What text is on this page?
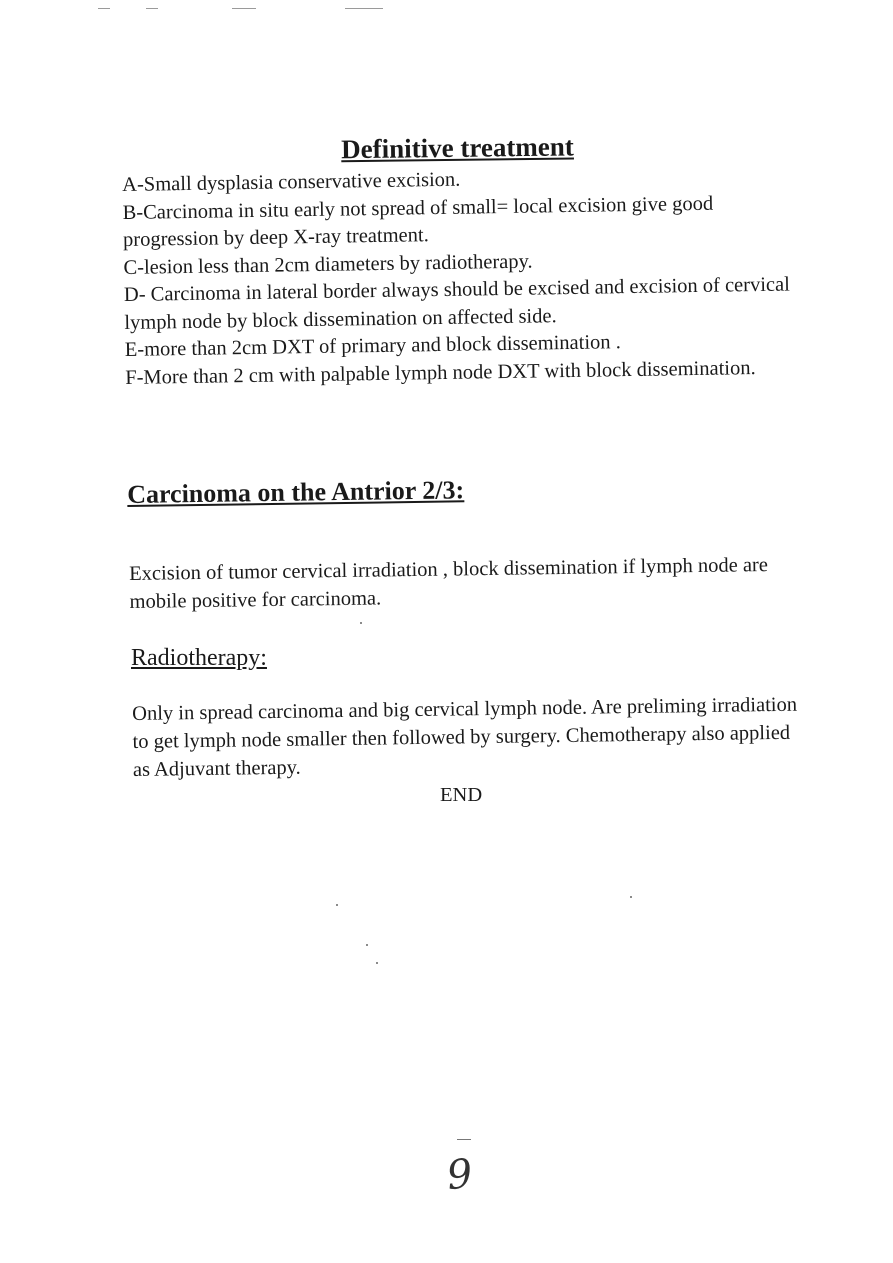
Definitive treatment

A-Small dysplasia conservative excision.

B-Carcinoma in situ early not spread of small= local excision give good progression by deep X-ray treatment.

C-lesion less than 2cm diameters by radiotherapy.

D- Carcinoma in lateral border always should be excised and excision of cervical lymph node by block dissemination on affected side.

E-more than 2cm DXT of primary and block dissemination .

F-More than 2 cm with palpable lymph node DXT with block dissemination.

Carcinoma on the Antrior 2/3:

Excision of tumor cervical irradiation , block dissemination if lymph node are mobile positive for carcinoma.

Radiotherapy:

Only in spread carcinoma and big cervical lymph node. Are preliming irradiation to get lymph node smaller then followed by surgery. Chemotherapy also applied as Adjuvant therapy.

END

9
